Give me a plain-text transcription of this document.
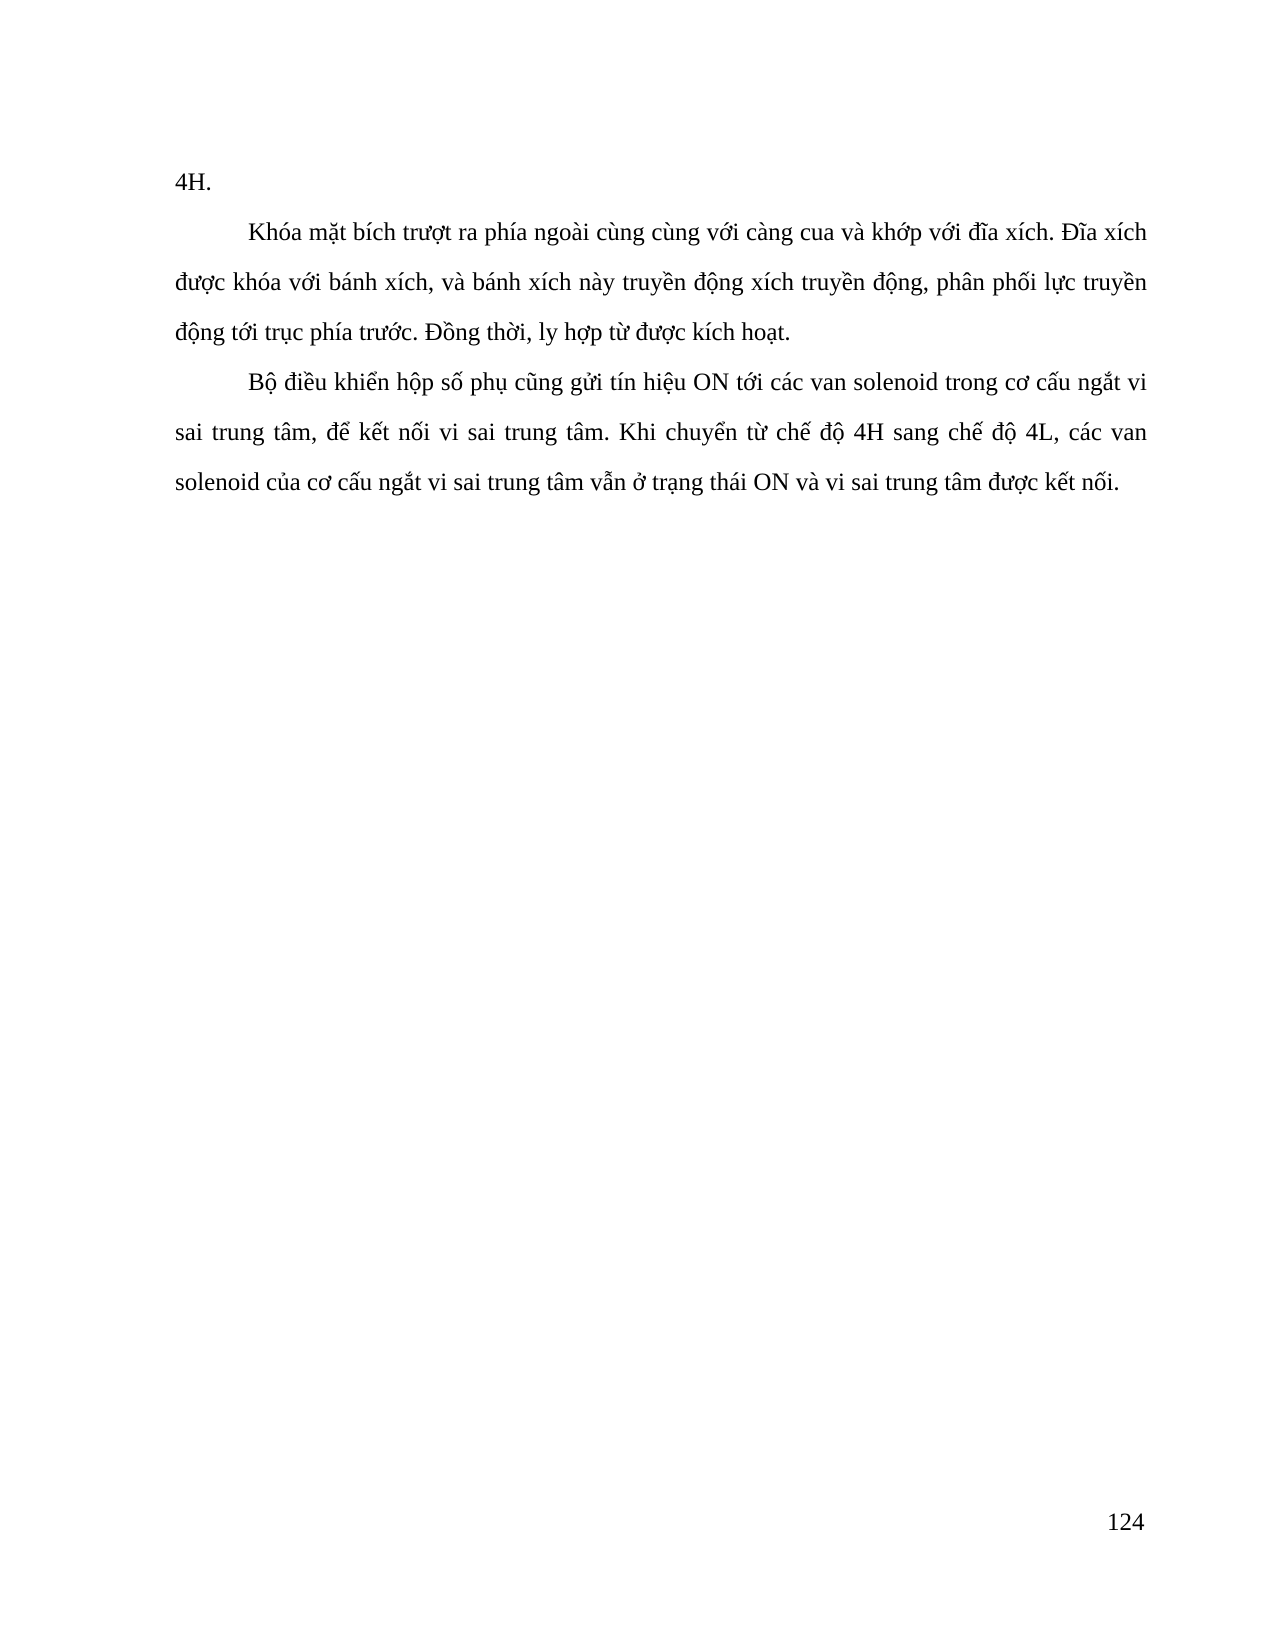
4H.

Khóa mặt bích trượt ra phía ngoài cùng cùng với càng cua và khớp với đĩa xích. Đĩa xích được khóa với bánh xích, và bánh xích này truyền động xích truyền động, phân phối lực truyền động tới trục phía trước. Đồng thời, ly hợp từ được kích hoạt.

Bộ điều khiển hộp số phụ cũng gửi tín hiệu ON tới các van solenoid trong cơ cấu ngắt vi sai trung tâm, để kết nối vi sai trung tâm. Khi chuyển từ chế độ 4H sang chế độ 4L, các van solenoid của cơ cấu ngắt vi sai trung tâm vẫn ở trạng thái ON và vi sai trung tâm được kết nối.

124
